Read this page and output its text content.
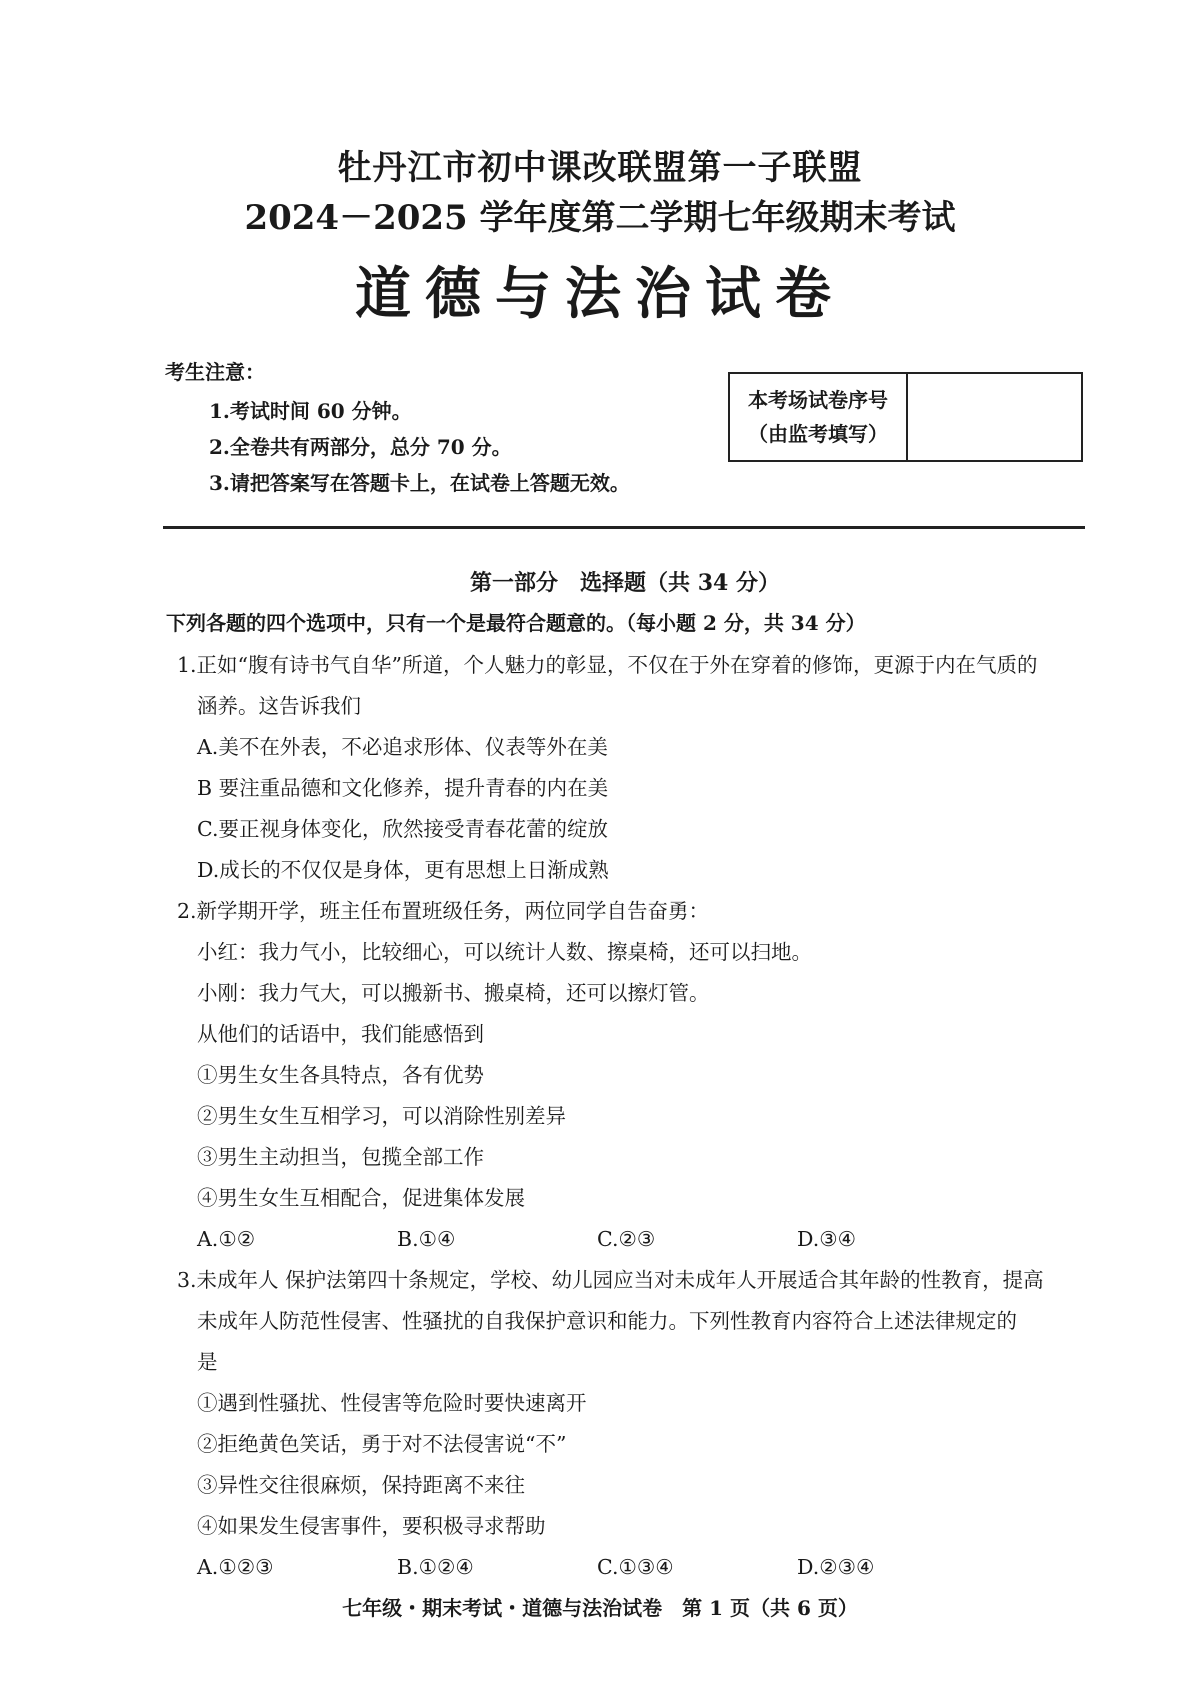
牡丹江市初中课改联盟第一子联盟
2024－2025 学年度第二学期七年级期末考试
道德与法治试卷
考生注意：
1.考试时间 60 分钟。
2.全卷共有两部分，总分 70 分。
3.请把答案写在答题卡上，在试卷上答题无效。
本考场试卷序号
（由监考填写）
第一部分　选择题（共 34 分）
下列各题的四个选项中，只有一个是最符合题意的。（每小题 2 分，共 34 分）
1.正如“腹有诗书气自华”所道，个人魅力的彰显，不仅在于外在穿着的修饰，更源于内在气质的
涵养。这告诉我们
A.美不在外表，不必追求形体、仪表等外在美
B 要注重品德和文化修养，提升青春的内在美
C.要正视身体变化，欣然接受青春花蕾的绽放
D.成长的不仅仅是身体，更有思想上日渐成熟
2.新学期开学，班主任布置班级任务，两位同学自告奋勇：
小红：我力气小，比较细心，可以统计人数、擦桌椅，还可以扫地。
小刚：我力气大，可以搬新书、搬桌椅，还可以擦灯管。
从他们的话语中，我们能感悟到
①男生女生各具特点，各有优势
②男生女生互相学习，可以消除性别差异
③男生主动担当，包揽全部工作
④男生女生互相配合，促进集体发展
A.①②	B.①④	C.②③	D.③④
3.未成年人 保护法第四十条规定，学校、幼儿园应当对未成年人开展适合其年龄的性教育，提高
未成年人防范性侵害、性骚扰的自我保护意识和能力。下列性教育内容符合上述法律规定的
是
①遇到性骚扰、性侵害等危险时要快速离开
②拒绝黄色笑话，勇于对不法侵害说“不”
③异性交往很麻烦，保持距离不来往
④如果发生侵害事件，要积极寻求帮助
A.①②③	B.①②④	C.①③④	D.②③④
七年级・期末考试・道德与法治试卷　第 1 页（共 6 页）
